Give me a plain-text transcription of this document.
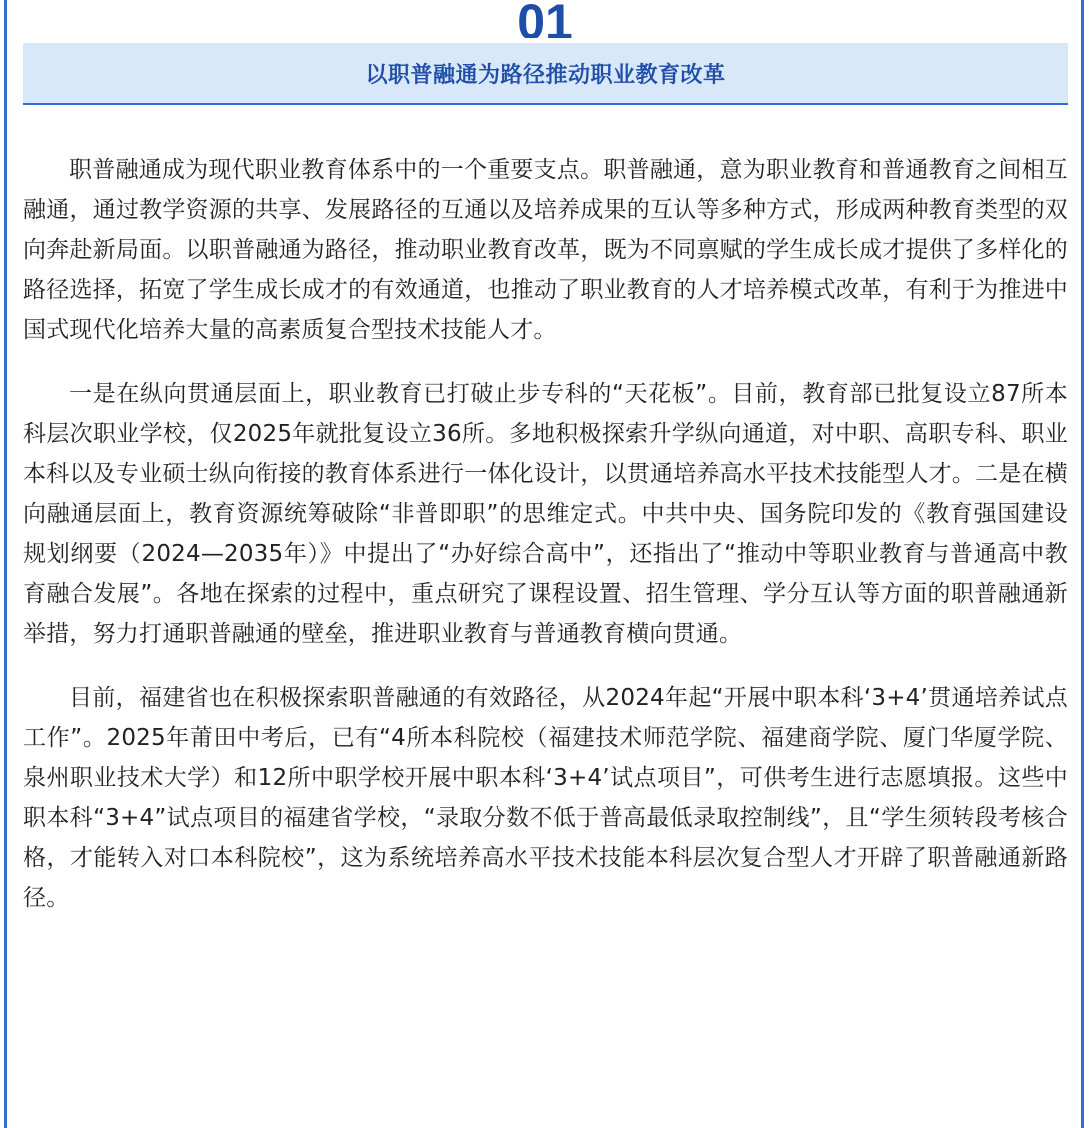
01
以职普融通为路径推动职业教育改革

职普融通成为现代职业教育体系中的一个重要支点。职普融通，意为职业教育和普通教育之间相互融通，通过教学资源的共享、发展路径的互通以及培养成果的互认等多种方式，形成两种教育类型的双向奔赴新局面。以职普融通为路径，推动职业教育改革，既为不同禀赋的学生成长成才提供了多样化的路径选择，拓宽了学生成长成才的有效通道，也推动了职业教育的人才培养模式改革，有利于为推进中国式现代化培养大量的高素质复合型技术技能人才。

一是在纵向贯通层面上，职业教育已打破止步专科的“天花板”。目前，教育部已批复设立87所本科层次职业学校，仅2025年就批复设立36所。多地积极探索升学纵向通道，对中职、高职专科、职业本科以及专业硕士纵向衔接的教育体系进行一体化设计，以贯通培养高水平技术技能型人才。二是在横向融通层面上，教育资源统筹破除“非普即职”的思维定式。中共中央、国务院印发的《教育强国建设规划纲要（2024—2035年）》中提出了“办好综合高中”，还指出了“推动中等职业教育与普通高中教育融合发展”。各地在探索的过程中，重点研究了课程设置、招生管理、学分互认等方面的职普融通新举措，努力打通职普融通的壁垒，推进职业教育与普通教育横向贯通。

目前，福建省也在积极探索职普融通的有效路径，从2024年起“开展中职本科‘3+4’贯通培养试点工作”。2025年莆田中考后，已有“4所本科院校（福建技术师范学院、福建商学院、厦门华厦学院、泉州职业技术大学）和12所中职学校开展中职本科‘3+4’试点项目”，可供考生进行志愿填报。这些中职本科“3+4”试点项目的福建省学校，“录取分数不低于普高最低录取控制线”，且“学生须转段考核合格，才能转入对口本科院校”，这为系统培养高水平技术技能本科层次复合型人才开辟了职普融通新路径。
